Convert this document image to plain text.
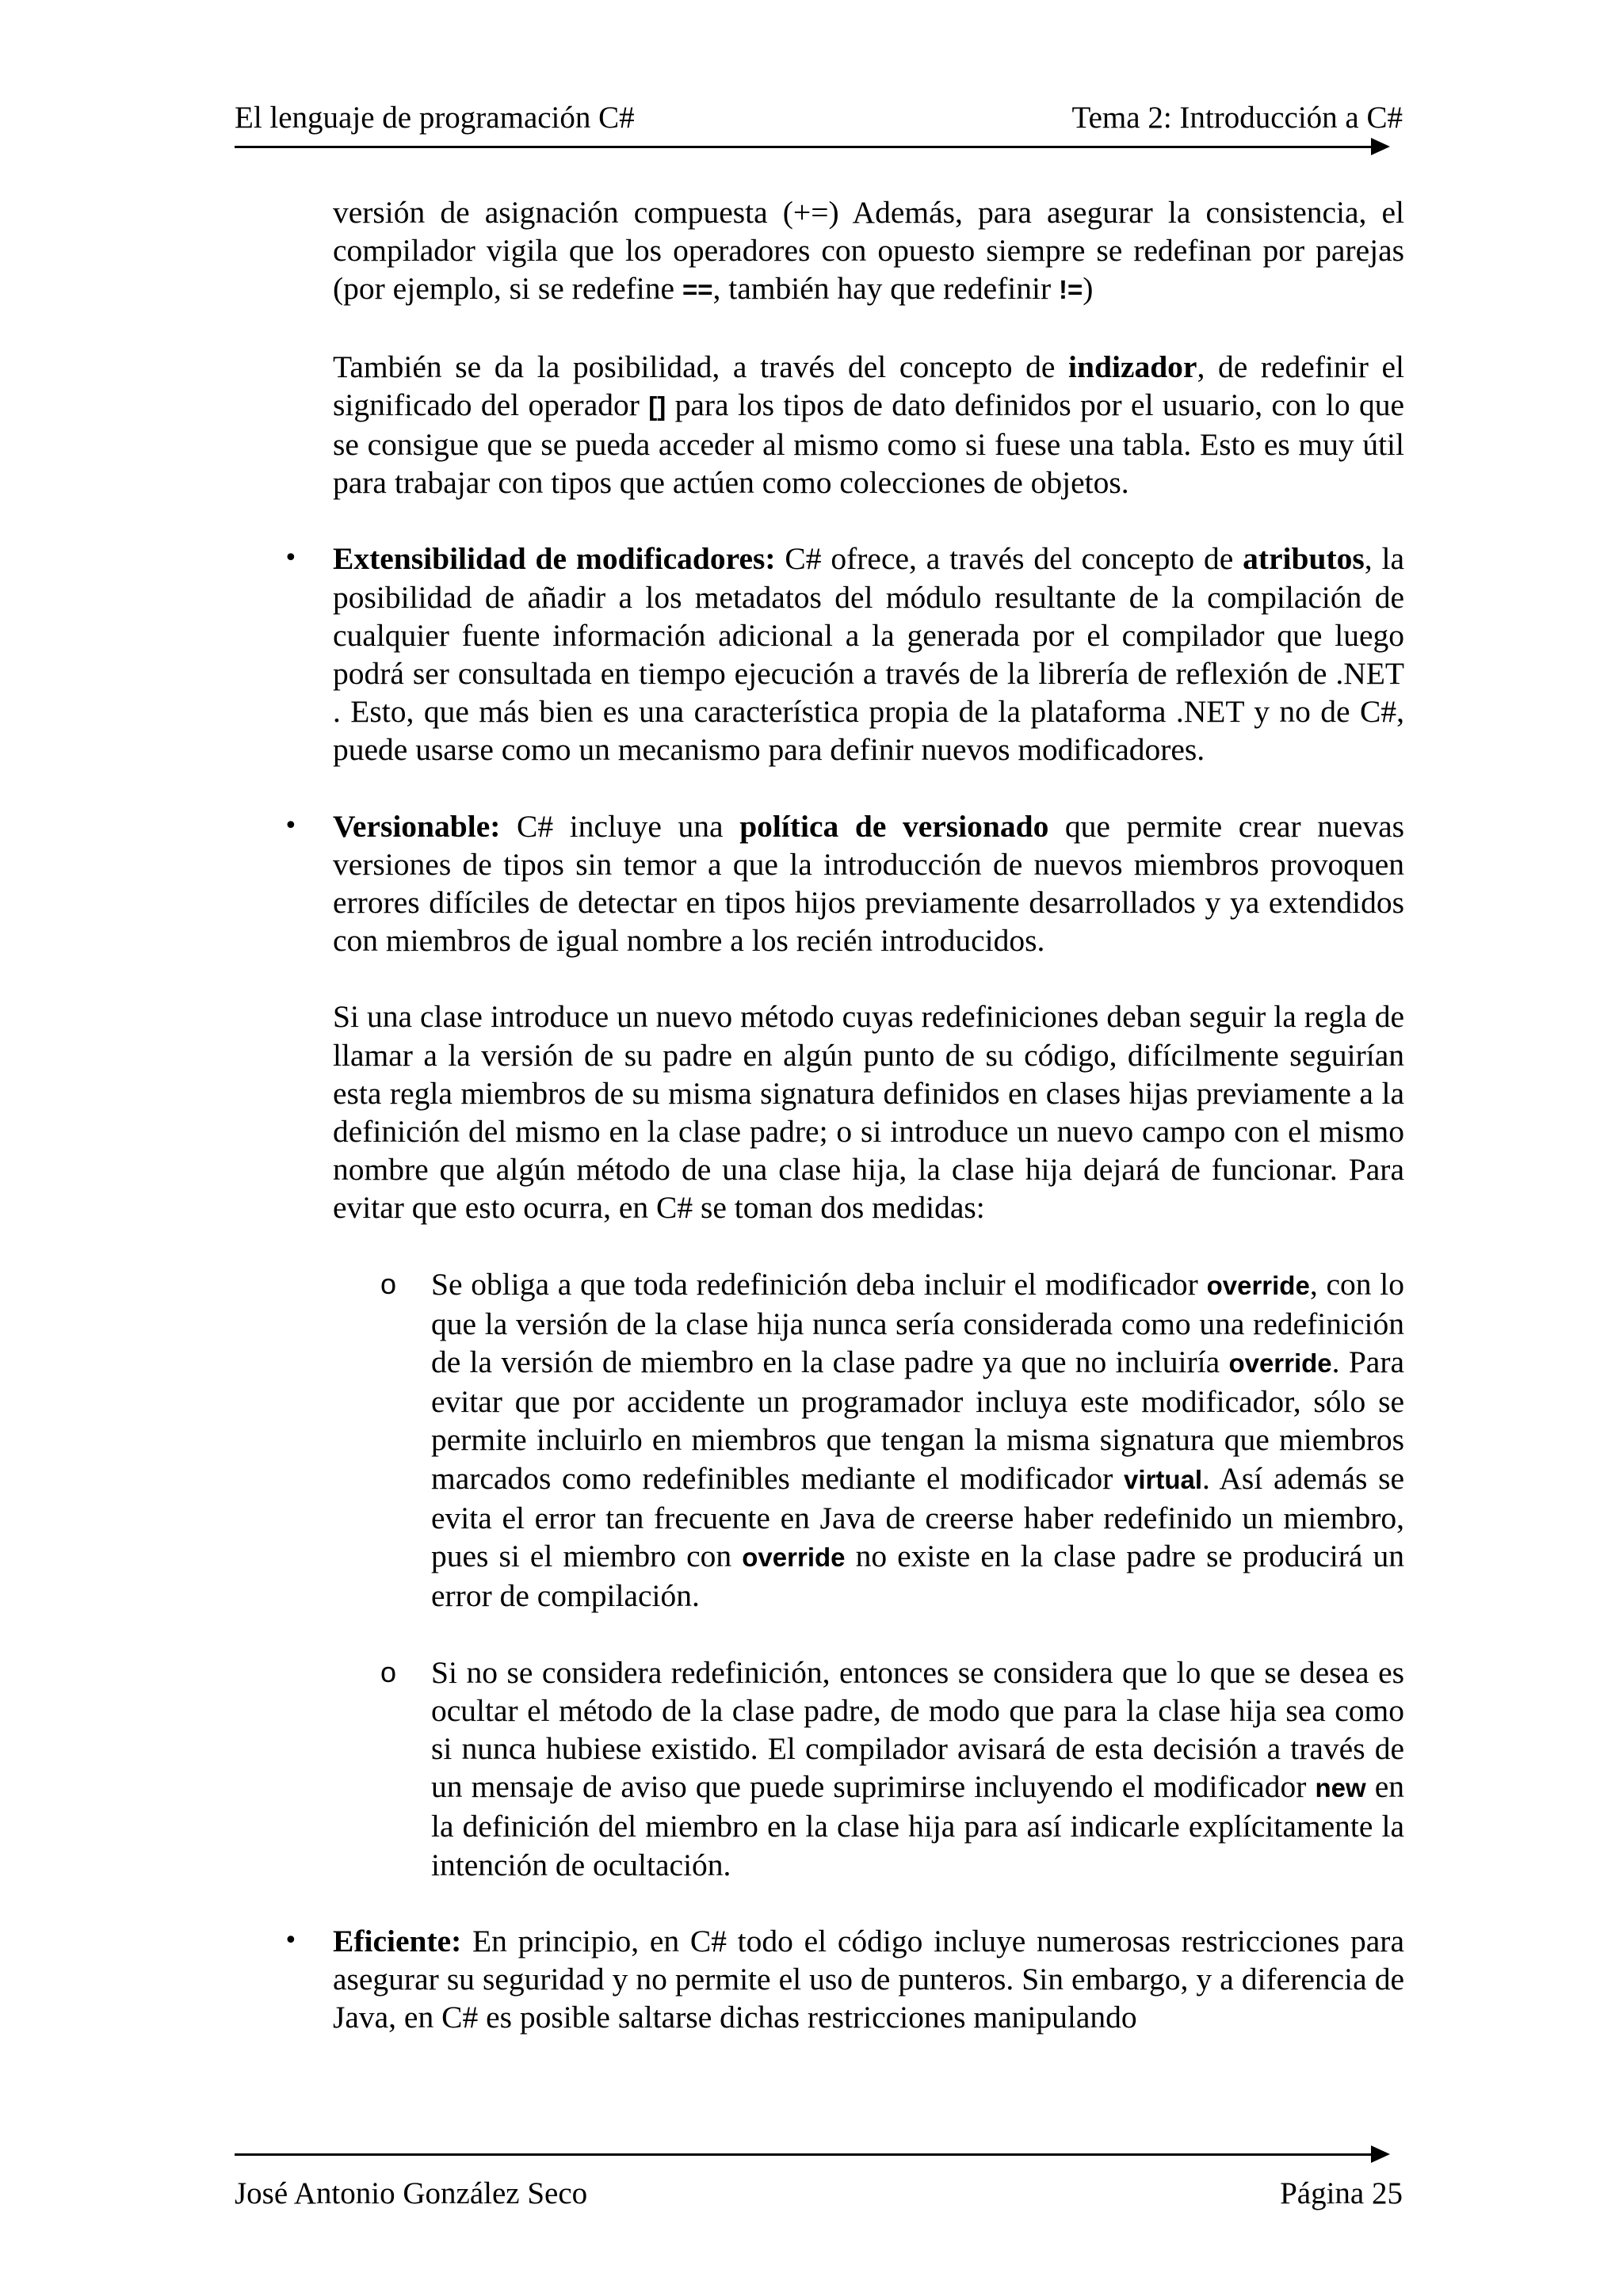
El lenguaje de programación C#	Tema 2: Introducción a C#

versión de asignación compuesta (+=) Además, para asegurar la consistencia, el compilador vigila que los operadores con opuesto siempre se redefinan por parejas (por ejemplo, si se redefine ==, también hay que redefinir !=)

También se da la posibilidad, a través del concepto de indizador, de redefinir el significado del operador [] para los tipos de dato definidos por el usuario, con lo que se consigue que se pueda acceder al mismo como si fuese una tabla. Esto es muy útil para trabajar con tipos que actúen como colecciones de objetos.

• Extensibilidad de modificadores: C# ofrece, a través del concepto de atributos, la posibilidad de añadir a los metadatos del módulo resultante de la compilación de cualquier fuente información adicional a la generada por el compilador que luego podrá ser consultada en tiempo ejecución a través de la librería de reflexión de .NET . Esto, que más bien es una característica propia de la plataforma .NET y no de C#, puede usarse como un mecanismo para definir nuevos modificadores.

• Versionable: C# incluye una política de versionado que permite crear nuevas versiones de tipos sin temor a que la introducción de nuevos miembros provoquen errores difíciles de detectar en tipos hijos previamente desarrollados y ya extendidos con miembros de igual nombre a los recién introducidos.

Si una clase introduce un nuevo método cuyas redefiniciones deban seguir la regla de llamar a la versión de su padre en algún punto de su código, difícilmente seguirían esta regla miembros de su misma signatura definidos en clases hijas previamente a la definición del mismo en la clase padre; o si introduce un nuevo campo con el mismo nombre que algún método de una clase hija, la clase hija dejará de funcionar. Para evitar que esto ocurra, en C# se toman dos medidas:

o Se obliga a que toda redefinición deba incluir el modificador override, con lo que la versión de la clase hija nunca sería considerada como una redefinición de la versión de miembro en la clase padre ya que no incluiría override. Para evitar que por accidente un programador incluya este modificador, sólo se permite incluirlo en miembros que tengan la misma signatura que miembros marcados como redefinibles mediante el modificador virtual. Así además se evita el error tan frecuente en Java de creerse haber redefinido un miembro, pues si el miembro con override no existe en la clase padre se producirá un error de compilación.

o Si no se considera redefinición, entonces se considera que lo que se desea es ocultar el método de la clase padre, de modo que para la clase hija sea como si nunca hubiese existido. El compilador avisará de esta decisión a través de un mensaje de aviso que puede suprimirse incluyendo el modificador new en la definición del miembro en la clase hija para así indicarle explícitamente la intención de ocultación.

• Eficiente: En principio, en C# todo el código incluye numerosas restricciones para asegurar su seguridad y no permite el uso de punteros. Sin embargo, y a diferencia de Java, en C# es posible saltarse dichas restricciones manipulando

José Antonio González Seco	Página 25
